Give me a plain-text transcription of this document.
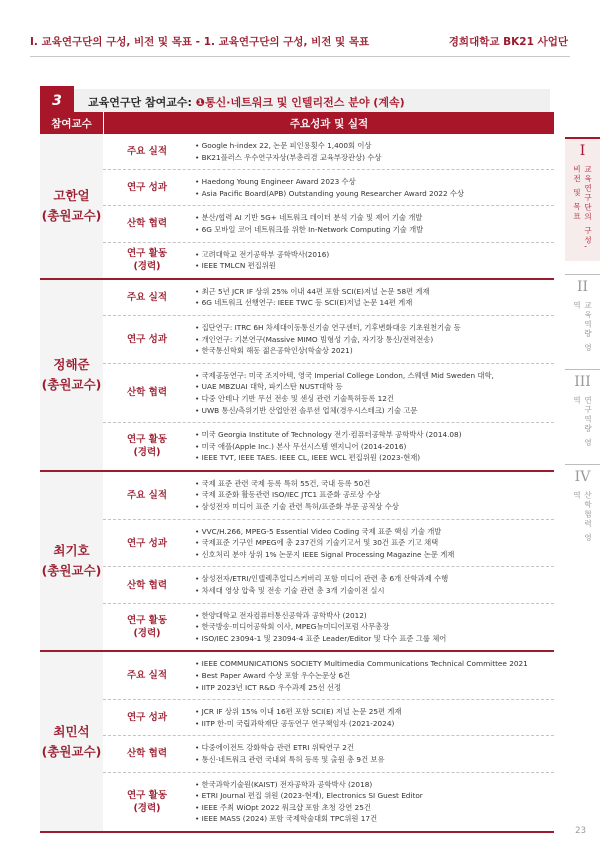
I. 교육연구단의 구성, 비전 및 목표 - 1. 교육연구단의 구성, 비전 및 목표	경희대학교 BK21 사업단
3	교육연구단 참여교수: ❶통신·네트워크 및 인텔리전스 분야 (계속)
참여교수	주요성과 및 실적
고한얼
(총원교수)
주요 실적
• Google h-index 22, 논문 피인용횟수 1,400회 이상
• BK21플러스 우수연구자상(부총리겸 교육부장관상) 수상
연구 성과
• Haedong Young Engineer Award 2023 수상
• Asia Pacific Board(APB) Outstanding young Researcher Award 2022 수상
산학 협력
• 분산/협력 AI 기반 5G+ 네트워크 데이터 분석 기술 및 제어 기술 개발
• 6G 모바일 코어 네트워크를 위한 In-Network Computing 기술 개발
연구 활동
(경력)
• 고려대학교 전기공학부 공학박사(2016)
• IEEE TMLCN 편집위원
정해준
(총원교수)
주요 실적
• 최근 5년 JCR IF 상위 25% 이내 44편 포함 SCI(E)저널 논문 58편 게재
• 6G 네트워크 선행연구: IEEE TWC 등 SCI(E)저널 논문 14편 게재
연구 성과
• 집단연구: ITRC 6H 차세대이동통신기술 연구센터, 기후변화대응 기초원천기술 등
• 개인연구: 기본연구(Massive MIMO 빔형성 기술, 자기장 통신/전력전송)
• 한국통신학회 해동 젊은공학인상(학술상 2021)
산학 협력
• 국제공동연구: 미국 조지아텍, 영국 Imperial College London, 스웨덴 Mid Sweden 대학,
• UAE MBZUAI 대학, 파키스탄 NUST대학 등
• 다중 안테나 기반 무선 전송 및 센싱 관련 기술특허등록 12건
• UWB 통신/측위기반 산업안전 솔루션 업체(경우시스테크) 기술 고문
연구 활동
(경력)
• 미국 Georgia Institute of Technology 전기·컴퓨터공학부 공학박사 (2014.08)
• 미국 애플(Apple Inc.) 본사 무선시스템 엔지니어 (2014-2016)
• IEEE TVT, IEEE TAES. IEEE CL, IEEE WCL 편집위원 (2023-현재)
최기호
(총원교수)
주요 실적
• 국제 표준 관련 국제 등록 특허 55건, 국내 등록 50건
• 국제 표준화 활동관련 ISO/IEC JTC1 표준화 공로상 수상
• 삼성전자 미디어 표준 기술 관련 특허/표준화 부문 공적상 수상
연구 성과
• VVC/H.266, MPEG-5 Essential Video Coding 국제 표준 핵심 기술 개발
• 국제표준 기구인 MPEG에 총 237건의 기술기고서 및 30건 표준 기고 채택
• 신호처리 분야 상위 1% 논문지 IEEE Signal Processing Magazine 논문 게재
산학 협력
• 삼성전자/ETRI/인텔렉추얼디스커버리 포함 미디어 관련 총 6개 산학과제 수행
• 차세대 영상 압축 및 전송 기술 관련 총 3개 기술이전 실시
연구 활동
(경력)
• 한양대학교 전자컴퓨터통신공학과 공학박사 (2012)
• 한국방송·미디어공학회 이사, MPEG뉴미디어포럼 사무총장
• ISO/IEC 23094-1 및 23094-4 표준 Leader/Editor 및 다수 표준 그룹 체어
최민석
(총원교수)
주요 실적
• IEEE COMMUNICATIONS SOCIETY Multimedia Communications Technical Committee 2021
• Best Paper Award 수상 포함 우수논문상 6건
• IITP 2023년 ICT R&D 우수과제 25선 선정
연구 성과
• JCR IF 상위 15% 이내 16편 포함 SCI(E) 저널 논문 25편 게재
• IITP 한-미 국립과학재단 공동연구 연구책임자 (2021-2024)
산학 협력
• 다중에이전트 강화학습 관련 ETRI 위탁연구 2건
• 통신·네트워크 관련 국내외 특허 등록 및 출원 총 9건 보유
연구 활동
(경력)
• 한국과학기술원(KAIST) 전자공학과 공학박사 (2018)
• ETRI Journal 편집 위원 (2023-현재), Electronics SI Guest Editor
• IEEE 주최 WiOpt 2022 워크샵 포함 초청 강연 25건
• IEEE MASS (2024) 포함 국제학술대회 TPC위원 17건
I
교육연구단의 구성, 비전 및 목표
II
교육역량 영역
III
연구역량 영역
IV
산학협력 영역
23
